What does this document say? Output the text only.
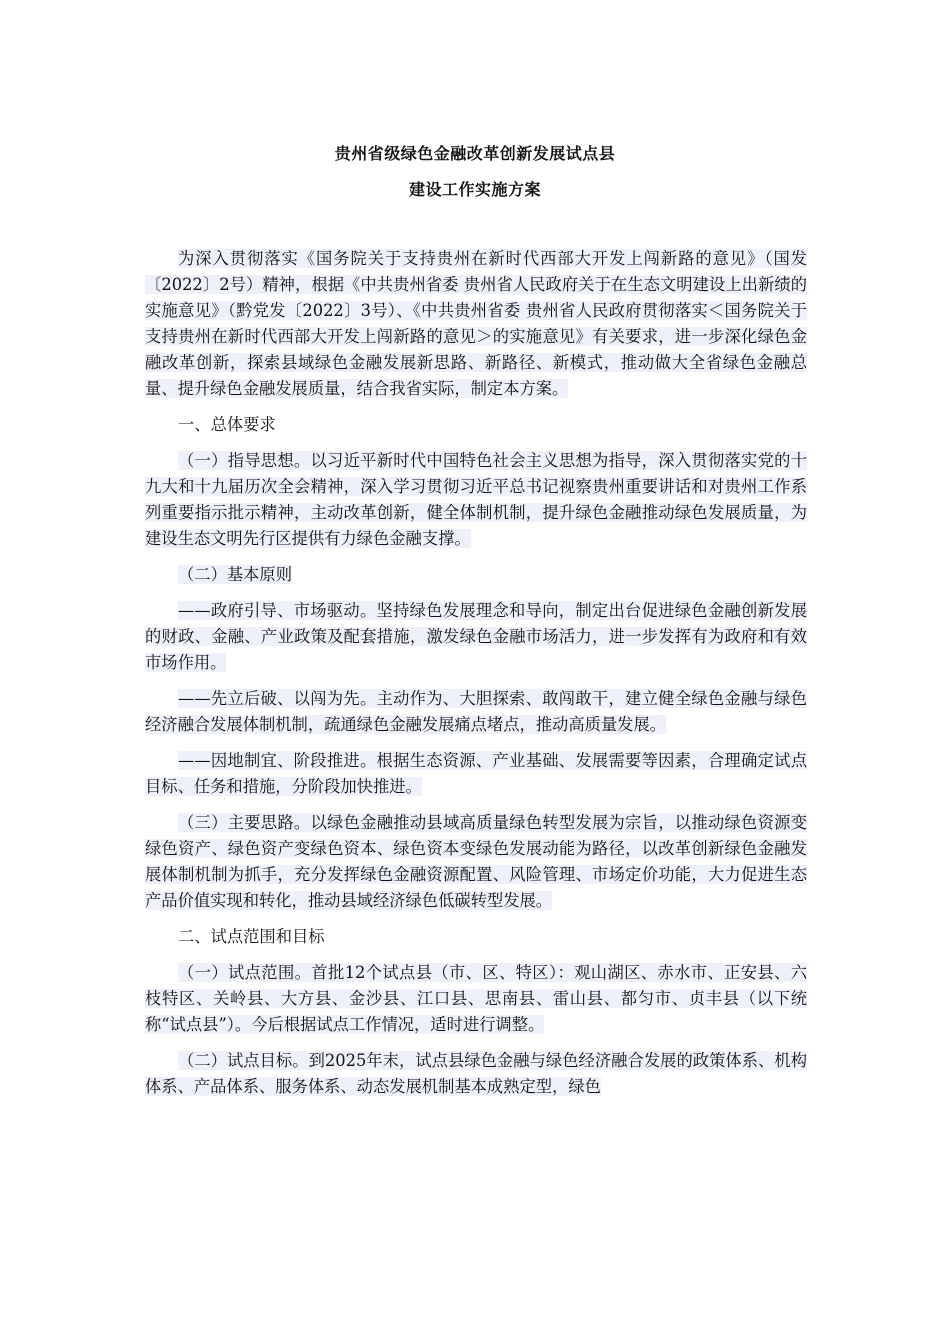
贵州省级绿色金融改革创新发展试点县
建设工作实施方案

为深入贯彻落实《国务院关于支持贵州在新时代西部大开发上闯新路的意见》（国发〔2022〕2号）精神，根据《中共贵州省委 贵州省人民政府关于在生态文明建设上出新绩的实施意见》（黔党发〔2022〕3号）、《中共贵州省委 贵州省人民政府贯彻落实＜国务院关于支持贵州在新时代西部大开发上闯新路的意见＞的实施意见》有关要求，进一步深化绿色金融改革创新，探索县域绿色金融发展新思路、新路径、新模式，推动做大全省绿色金融总量、提升绿色金融发展质量，结合我省实际，制定本方案。

一、总体要求

（一）指导思想。以习近平新时代中国特色社会主义思想为指导，深入贯彻落实党的十九大和十九届历次全会精神，深入学习贯彻习近平总书记视察贵州重要讲话和对贵州工作系列重要指示批示精神，主动改革创新，健全体制机制，提升绿色金融推动绿色发展质量，为建设生态文明先行区提供有力绿色金融支撑。

（二）基本原则

——政府引导、市场驱动。坚持绿色发展理念和导向，制定出台促进绿色金融创新发展的财政、金融、产业政策及配套措施，激发绿色金融市场活力，进一步发挥有为政府和有效市场作用。

——先立后破、以闯为先。主动作为、大胆探索、敢闯敢干，建立健全绿色金融与绿色经济融合发展体制机制，疏通绿色金融发展痛点堵点，推动高质量发展。

——因地制宜、阶段推进。根据生态资源、产业基础、发展需要等因素，合理确定试点目标、任务和措施，分阶段加快推进。

（三）主要思路。以绿色金融推动县域高质量绿色转型发展为宗旨，以推动绿色资源变绿色资产、绿色资产变绿色资本、绿色资本变绿色发展动能为路径，以改革创新绿色金融发展体制机制为抓手，充分发挥绿色金融资源配置、风险管理、市场定价功能，大力促进生态产品价值实现和转化，推动县域经济绿色低碳转型发展。

二、试点范围和目标

（一）试点范围。首批12个试点县（市、区、特区）：观山湖区、赤水市、正安县、六枝特区、关岭县、大方县、金沙县、江口县、思南县、雷山县、都匀市、贞丰县（以下统称“试点县”）。今后根据试点工作情况，适时进行调整。

（二）试点目标。到2025年末，试点县绿色金融与绿色经济融合发展的政策体系、机构体系、产品体系、服务体系、动态发展机制基本成熟定型，绿色
